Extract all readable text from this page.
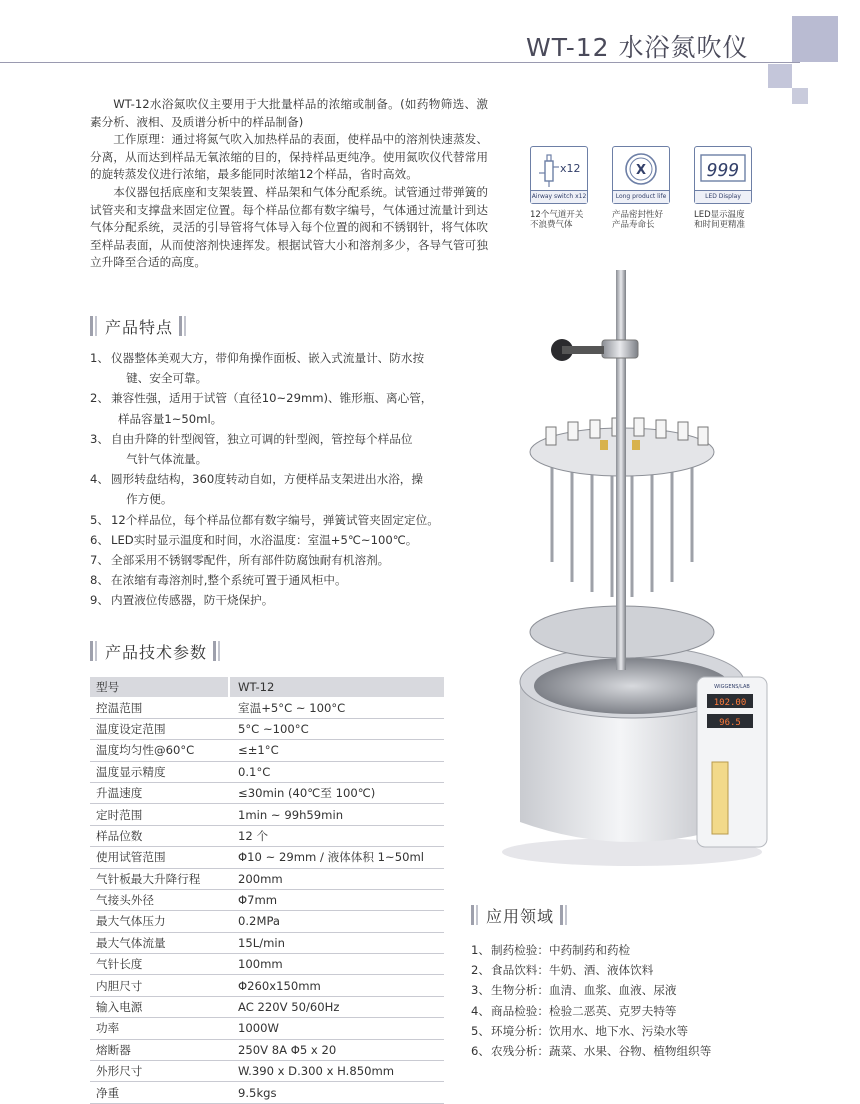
WT-12 水浴氮吹仪

WT-12水浴氮吹仪主要用于大批量样品的浓缩或制备。(如药物筛选、激素分析、液相、及质谱分析中的样品制备)

工作原理：通过将氮气吹入加热样品的表面，使样品中的溶剂快速蒸发、分离，从而达到样品无氧浓缩的目的，保持样品更纯净。使用氮吹仪代替常用的旋转蒸发仪进行浓缩，最多能同时浓缩12个样品，省时高效。

本仪器包括底座和支架装置、样品架和气体分配系统。试管通过带弹簧的试管夹和支撑盘来固定位置。每个样品位都有数字编号，气体通过流量计到达气体分配系统，灵活的引导管将气体导入每个位置的阀和不锈钢针，将气体吹至样品表面，从而使溶剂快速挥发。根据试管大小和溶剂多少，各导气管可独立升降至合适的高度。

x12
Airway switch x12
12个气道开关
不浪费气体
X
Long product life
产品密封性好
产品寿命长
999
LED Display
LED显示温度
和时间更精准
产品特点
1、 仪器整体美观大方，带仰角操作面板、嵌入式流量计、防水按
键、安全可靠。
2、 兼容性强，适用于试管（直径10~29mm)、锥形瓶、离心管，
样品容量1~50ml。
3、 自由升降的针型阀管，独立可调的针型阀，管控每个样品位
气针气体流量。
4、 圆形转盘结构，360度转动自如，方便样品支架进出水浴，操
作方便。
5、 12个样品位，每个样品位都有数字编号，弹簧试管夹固定定位。
6、 LED实时显示温度和时间，水浴温度：室温+5℃~100℃。
7、 全部采用不锈钢零配件，所有部件防腐蚀耐有机溶剂。
8、 在浓缩有毒溶剂时,整个系统可置于通风柜中。
9、 内置液位传感器，防干烧保护。
产品技术参数
型号		WT-12
控温范围		室温+5°C ~ 100°C
温度设定范围		5°C ~100°C
温度均匀性@60°C		≤±1°C
温度显示精度		0.1°C
升温速度		≤30min (40℃至 100℃)
定时范围		1min ~ 99h59min
样品位数		12 个
使用试管范围		Φ10 ~ 29mm / 液体体积 1~50ml
气针板最大升降行程		200mm
气接头外径		Φ7mm
最大气体压力		0.2MPa
最大气体流量		15L/min
气针长度		100mm
内胆尺寸		Φ260x150mm
输入电源		AC 220V 50/60Hz
功率		1000W
熔断器		250V 8A Φ5 x 20
外形尺寸		W.390 x D.300 x H.850mm
净重		9.5kgs
102.00
96.5
WIGGENS/LAB
应用领域
1、 制药检验：中药制药和药检
2、 食品饮料：牛奶、酒、液体饮料
3、 生物分析：血清、血浆、血液、尿液
4、 商品检验：检验二恶英、克罗夫特等
5、 环境分析：饮用水、地下水、污染水等
6、 农残分析：蔬菜、水果、谷物、植物组织等
